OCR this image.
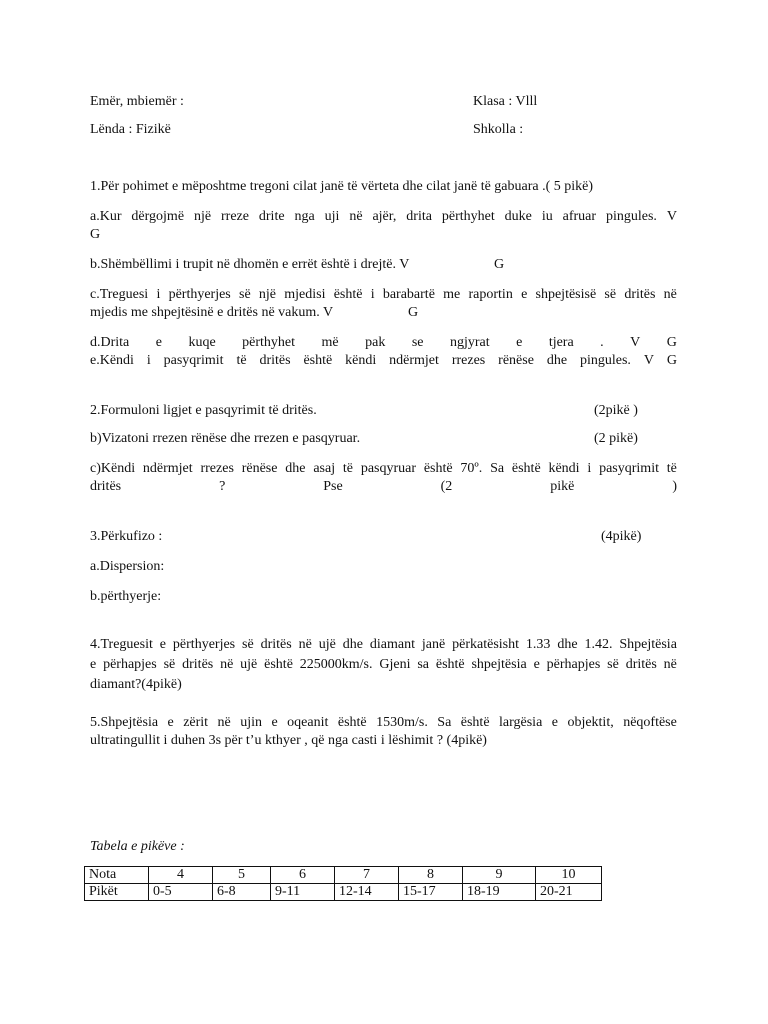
Emër, mbiemër :	Klasa : Vlll
Lënda : Fizikë	Shkolla :
1.Për pohimet e mëposhtme tregoni cilat janë të vërteta dhe cilat janë të gabuara .( 5 pikë)
a.Kur dërgojmë një rreze drite nga uji në ajër, drita përthyhet duke iu afruar pingules. V
G
b.Shëmbëllimi i trupit në dhomën e errët është i drejtë. V	G
c.Treguesi i përthyerjes së një mjedisi është i barabartë me raportin e shpejtësisë së dritës në
mjedis me shpejtësinë e dritës në vakum. V	G
d.Drita e kuqe përthyhet më pak se ngjyrat e tjera . V G
e.Këndi i pasyqrimit të dritës është këndi ndërmjet rrezes rënëse dhe pingules. V G
2.Formuloni ligjet e pasqyrimit të dritës.	(2pikë )
b)Vizatoni rrezen rënëse dhe rrezen e pasqyruar.	(2 pikë)
c)Këndi ndërmjet rrezes rënëse dhe asaj të pasqyruar është 70º. Sa është këndi i pasyqrimit të
dritës	?	Pse	(2	pikë	)
3.Përkufizo :	(4pikë)
a.Dispersion:
b.përthyerje:
4.Treguesit e përthyerjes së dritës në ujë dhe diamant janë përkatësisht 1.33 dhe 1.42. Shpejtësia
e përhapjes së dritës në ujë është 225000km/s. Gjeni sa është shpejtësia e përhapjes së dritës në
diamant?(4pikë)
5.Shpejtësia e zërit në ujin e oqeanit është 1530m/s. Sa është largësia e objektit, nëqoftëse
ultratingullit i duhen 3s për t’u kthyer , që nga casti i lëshimit ? (4pikë)
Tabela e pikëve :
Nota	4	5	6	7	8	9	10
Pikët	0-5	6-8	9-11	12-14	15-17	18-19	20-21
